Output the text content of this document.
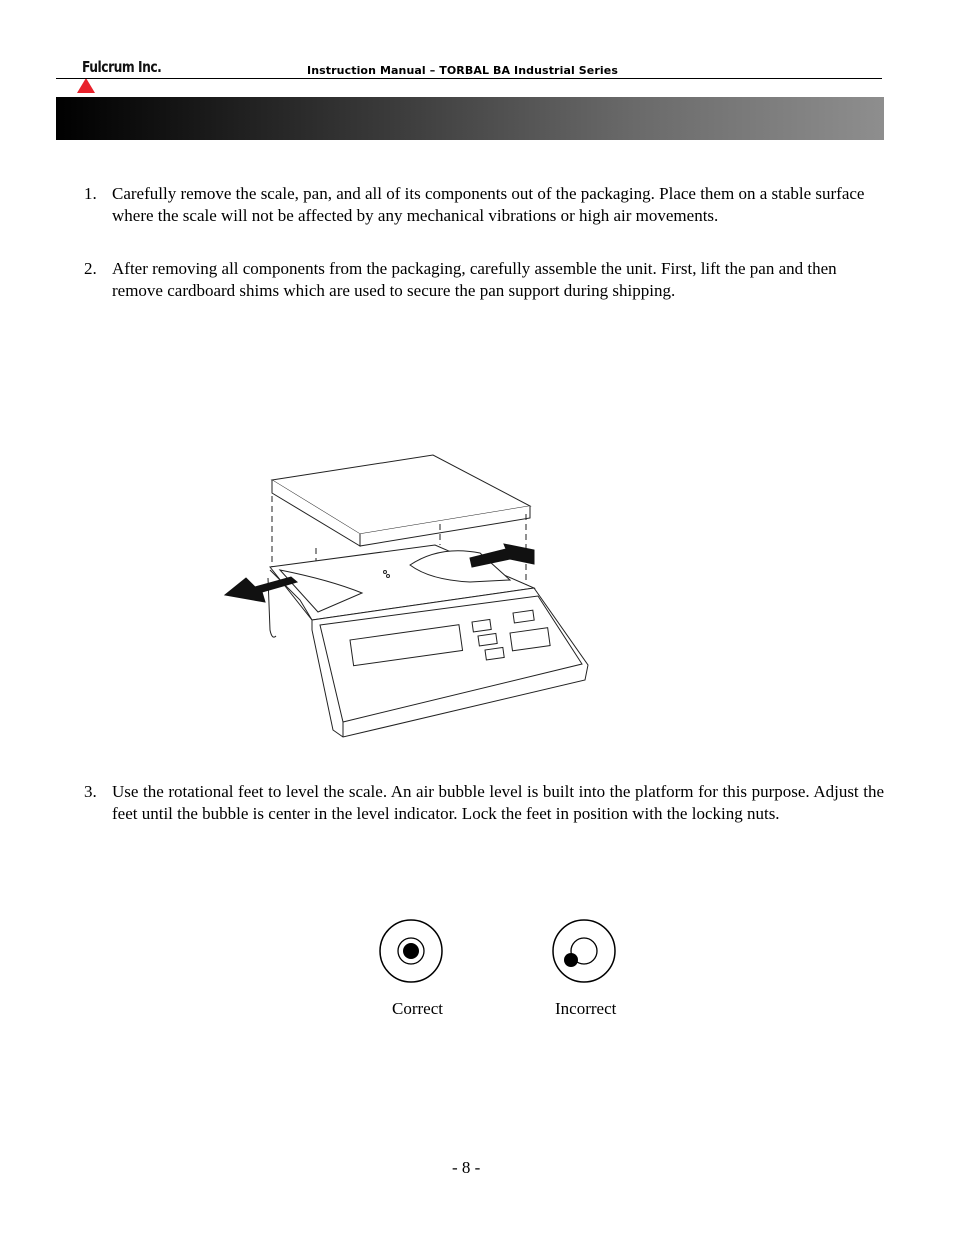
Fulcrum Inc.	Instruction Manual – TORBAL BA Industrial Series
1. Carefully remove the scale, pan, and all of its components out of the packaging. Place them on a stable surface where the scale will not be affected by any mechanical vibrations or high air movements.
2. After removing all components from the packaging, carefully assemble the unit. First, lift the pan and then remove cardboard shims which are used to secure the pan support during shipping.
3. Use the rotational feet to level the scale. An air bubble level is built into the platform for this purpose. Adjust the feet until the bubble is center in the level indicator. Lock the feet in position with the locking nuts.
Correct	Incorrect
- 8 -
